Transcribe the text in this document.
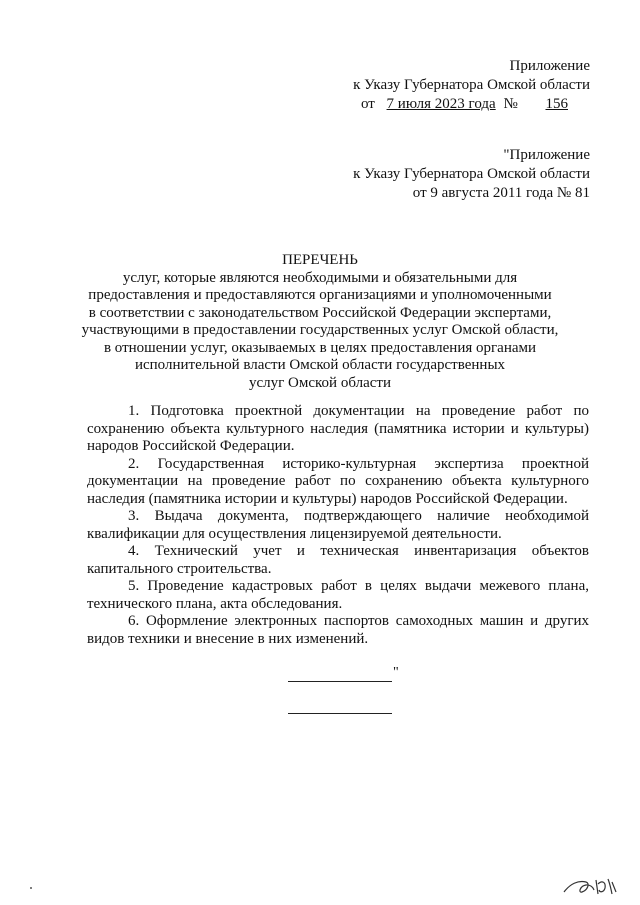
Приложение
к Указу Губернатора Омской области
от 7 июля 2023 года № 156
"Приложение
к Указу Губернатора Омской области
от 9 августа 2011 года № 81
ПЕРЕЧЕНЬ
услуг, которые являются необходимыми и обязательными для
предоставления и предоставляются организациями и уполномоченными
в соответствии с законодательством Российской Федерации экспертами,
участвующими в предоставлении государственных услуг Омской области,
в отношении услуг, оказываемых в целях предоставления органами
исполнительной власти Омской области государственных
услуг Омской области

1. Подготовка проектной документации на проведение работ по сохранению объекта культурного наследия (памятника истории и культуры) народов Российской Федерации.

2. Государственная историко-культурная экспертиза проектной документации на проведение работ по сохранению объекта культурного наследия (памятника истории и культуры) народов Российской Федерации.

3. Выдача документа, подтверждающего наличие необходимой квалификации для осуществления лицензируемой деятельности.

4. Технический учет и техническая инвентаризация объектов капитального строительства.

5. Проведение кадастровых работ в целях выдачи межевого плана, технического плана, акта обследования.

6. Оформление электронных паспортов самоходных машин и других видов техники и внесение в них изменений.

"
